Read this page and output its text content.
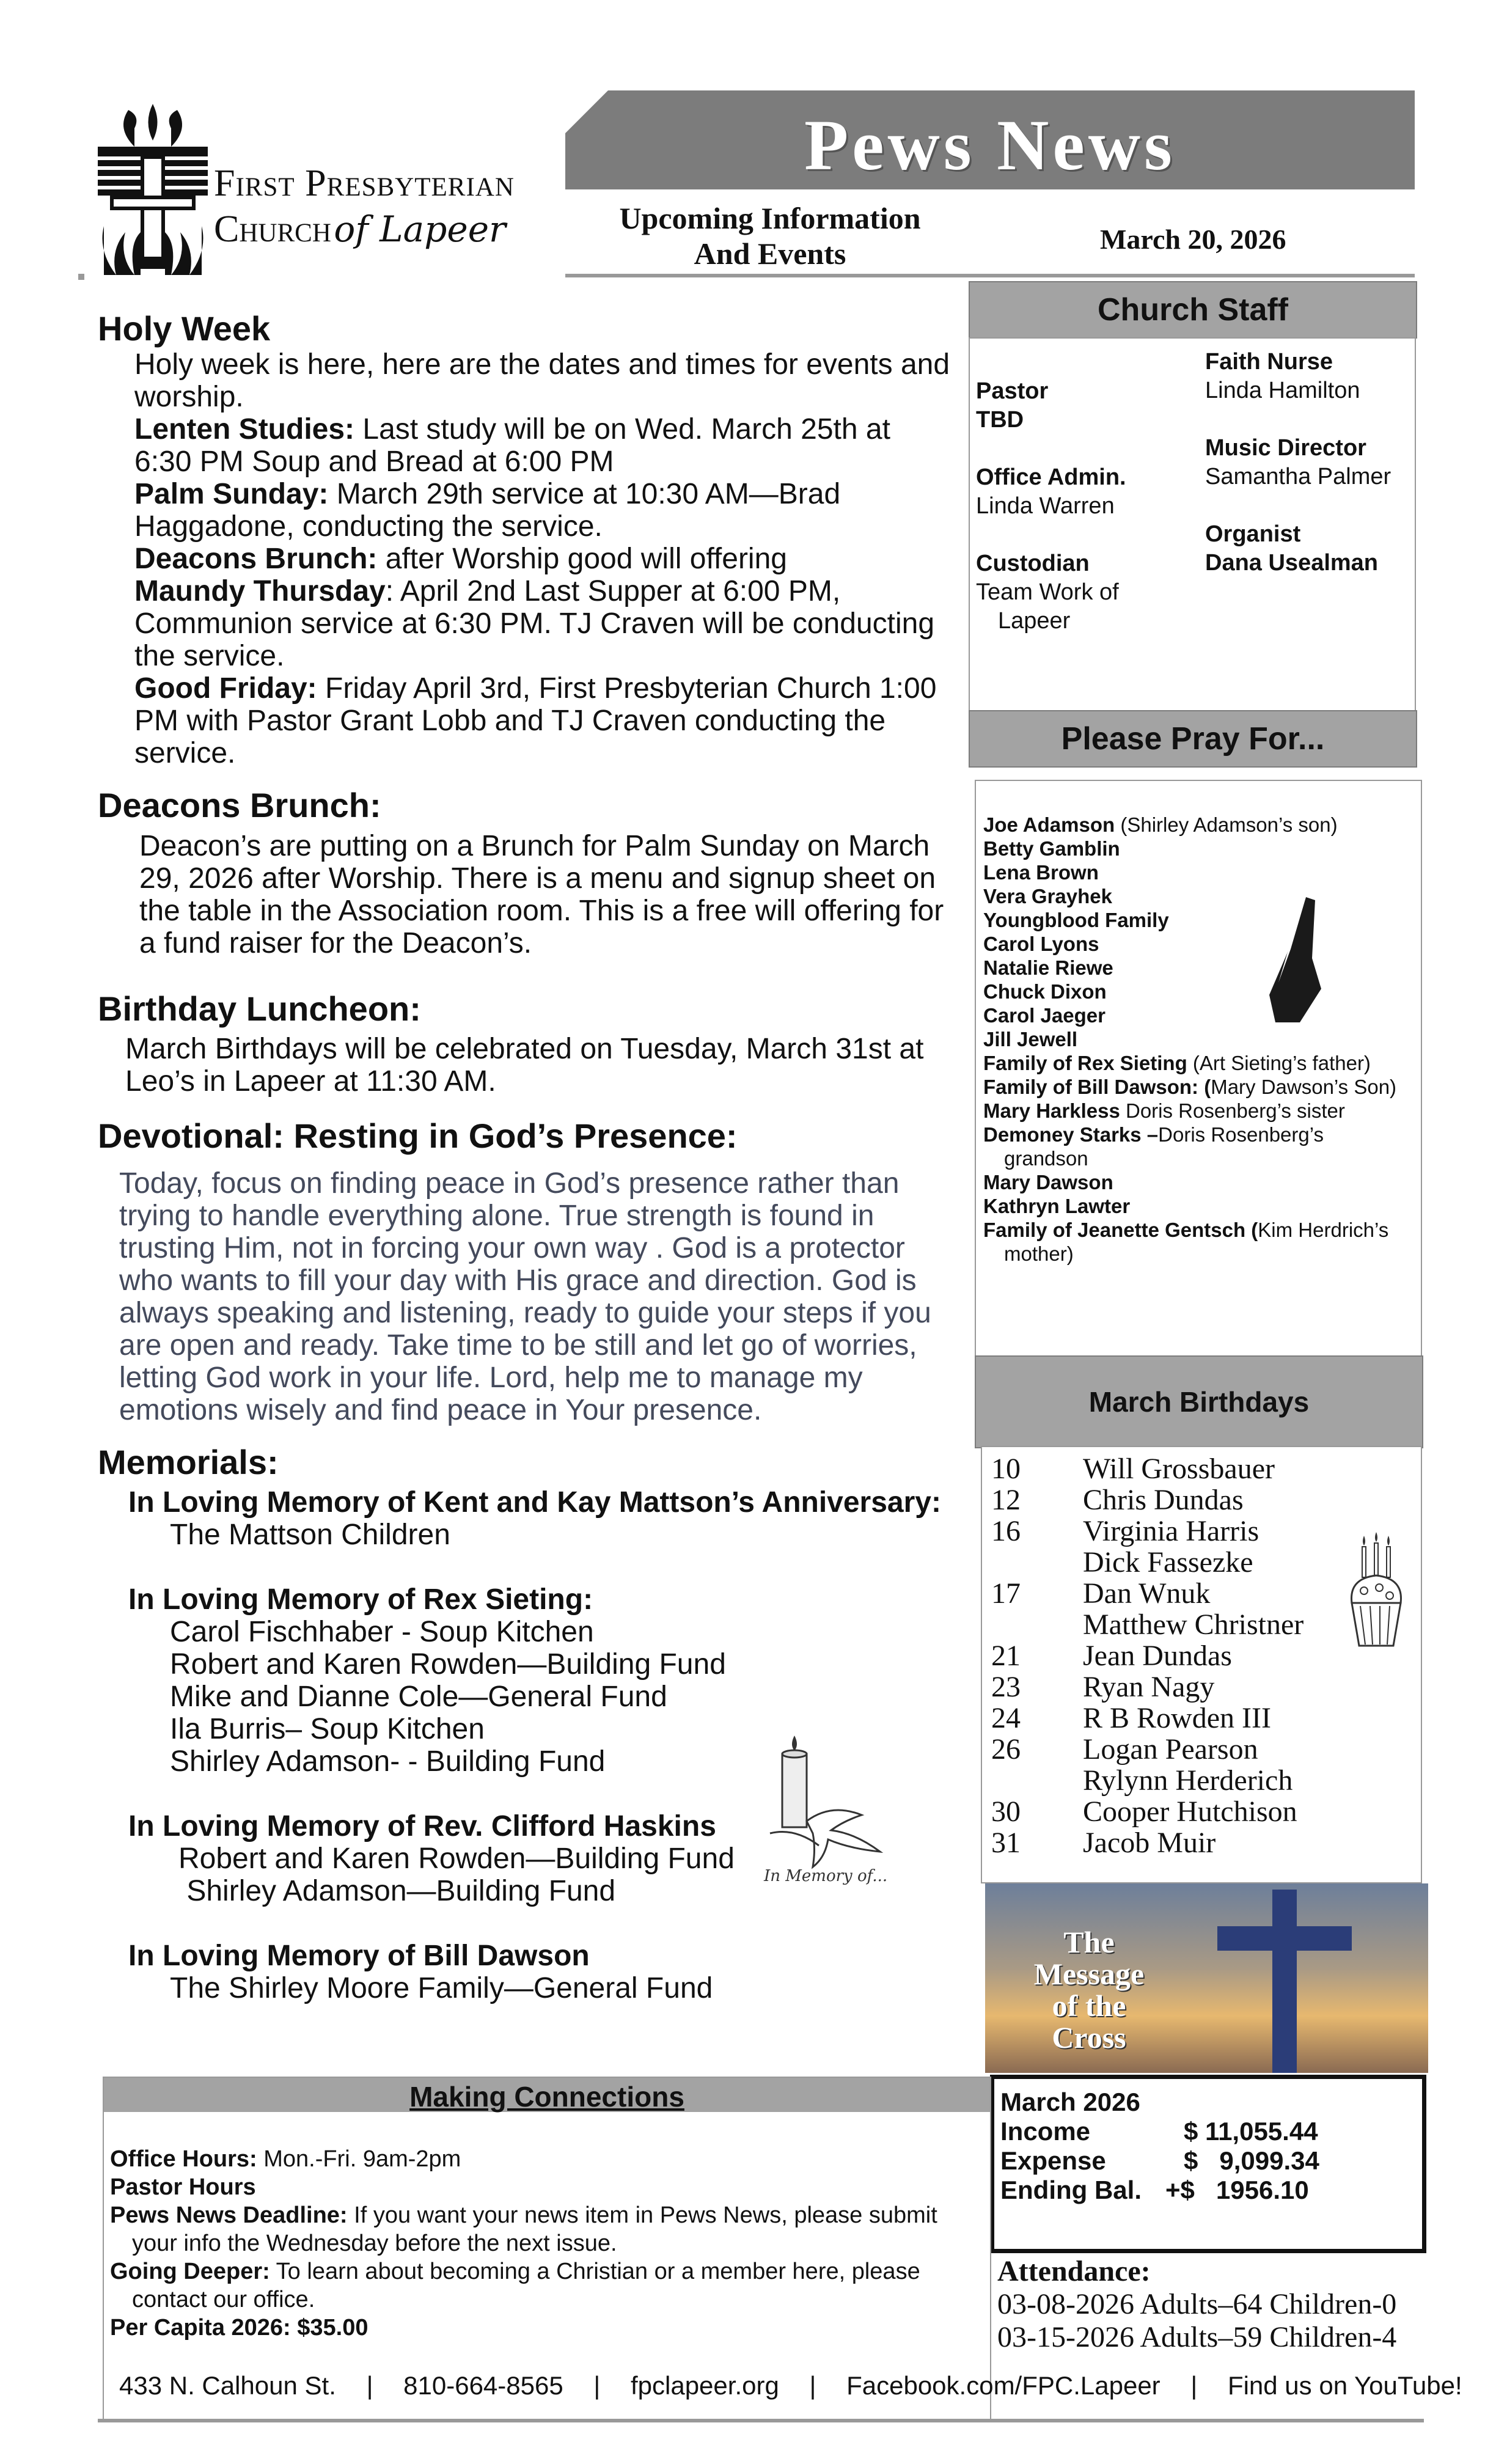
First Presbyterian
Church of Lapeer
Pews News
Upcoming Information
And Events	March 20, 2026
Holy Week

Holy week is here, here are the dates and times for events and worship.

Lenten Studies: Last study will be on Wed. March 25th at 6:30 PM Soup and Bread at 6:00 PM

Palm Sunday: March 29th service at 10:30 AM—Brad Haggadone, conducting the service.

Deacons Brunch: after Worship good will offering

Maundy Thursday: April 2nd Last Supper at 6:00 PM, Communion service at 6:30 PM. TJ Craven will be conducting the service.

Good Friday: Friday April 3rd, First Presbyterian Church 1:00 PM with Pastor Grant Lobb and TJ Craven conducting the service.

Deacons Brunch:
Deacon’s are putting on a Brunch for Palm Sunday on March 29, 2026 after Worship. There is a menu and signup sheet on the table in the Association room. This is a free will offering for a fund raiser for the Deacon’s.
Birthday Luncheon:
March Birthdays will be celebrated on Tuesday, March 31st at Leo’s in Lapeer at 11:30 AM.
Devotional: Resting in God’s Presence:
Today, focus on finding peace in God’s presence rather than trying to handle everything alone. True strength is found in trusting Him, not in forcing your own way . God is a protector who wants to fill your day with His grace and direction. God is always speaking and listening, ready to guide your steps if you are open and ready. Take time to be still and let go of worries, letting God work in your life. Lord, help me to manage my emotions wisely and find peace in Your presence.
Memorials:

In Loving Memory of Kent and Kay Mattson’s Anniversary:

The Mattson Children

In Loving Memory of Rex Sieting:

Carol Fischhaber - Soup Kitchen

Robert and Karen Rowden—Building Fund

Mike and Dianne Cole—General Fund

Ila Burris– Soup Kitchen

Shirley Adamson- - Building Fund

In Loving Memory of Rev. Clifford Haskins

Robert and Karen Rowden—Building Fund

Shirley Adamson—Building Fund

In Loving Memory of Bill Dawson

The Shirley Moore Family—General Fund

In Memory of...
Church Staff
Pastor
TBD
Office Admin.
Linda Warren
Custodian
Team Work of
Lapeer
Faith Nurse
Linda Hamilton
Music Director
Samantha Palmer
Organist
Dana Usealman
Please Pray For...
Joe Adamson (Shirley Adamson’s son)
Betty Gamblin
Lena Brown
Vera Grayhek
Youngblood Family
Carol Lyons
Natalie Riewe
Chuck Dixon
Carol Jaeger
Jill Jewell
Family of Rex Sieting (Art Sieting’s father)
Family of Bill Dawson: (Mary Dawson’s Son)
Mary Harkless Doris Rosenberg’s sister
Demoney Starks –Doris Rosenberg’s grandson
Mary Dawson
Kathryn Lawter
Family of Jeanette Gentsch (Kim Herdrich’s mother)
March Birthdays
10 Will Grossbauer
12 Chris Dundas
16 Virginia Harris
Dick Fassezke
17 Dan Wnuk
Matthew Christner
21 Jean Dundas
23 Ryan Nagy
24 R B Rowden III
26 Logan Pearson
Rylynn Herderich
30 Cooper Hutchison
31 Jacob Muir
The
Message
of the
Cross
March 2026
Income	$ 11,055.44
Expense	$   9,099.34
Ending Bal. +$   1956.10
Attendance:
03-08-2026 Adults–64 Children-0
03-15-2026 Adults–59 Children-4
Making Connections
Office Hours: Mon.-Fri. 9am-2pm
Pastor Hours
Pews News Deadline: If you want your news item in Pews News, please submit your info the Wednesday before the next issue.
Going Deeper: To learn about becoming a Christian or a member here, please contact our office.
Per Capita 2026: $35.00
433 N. Calhoun St. | 810-664-8565 | fpclapeer.org | Facebook.com/FPC.Lapeer | Find us on YouTube!
